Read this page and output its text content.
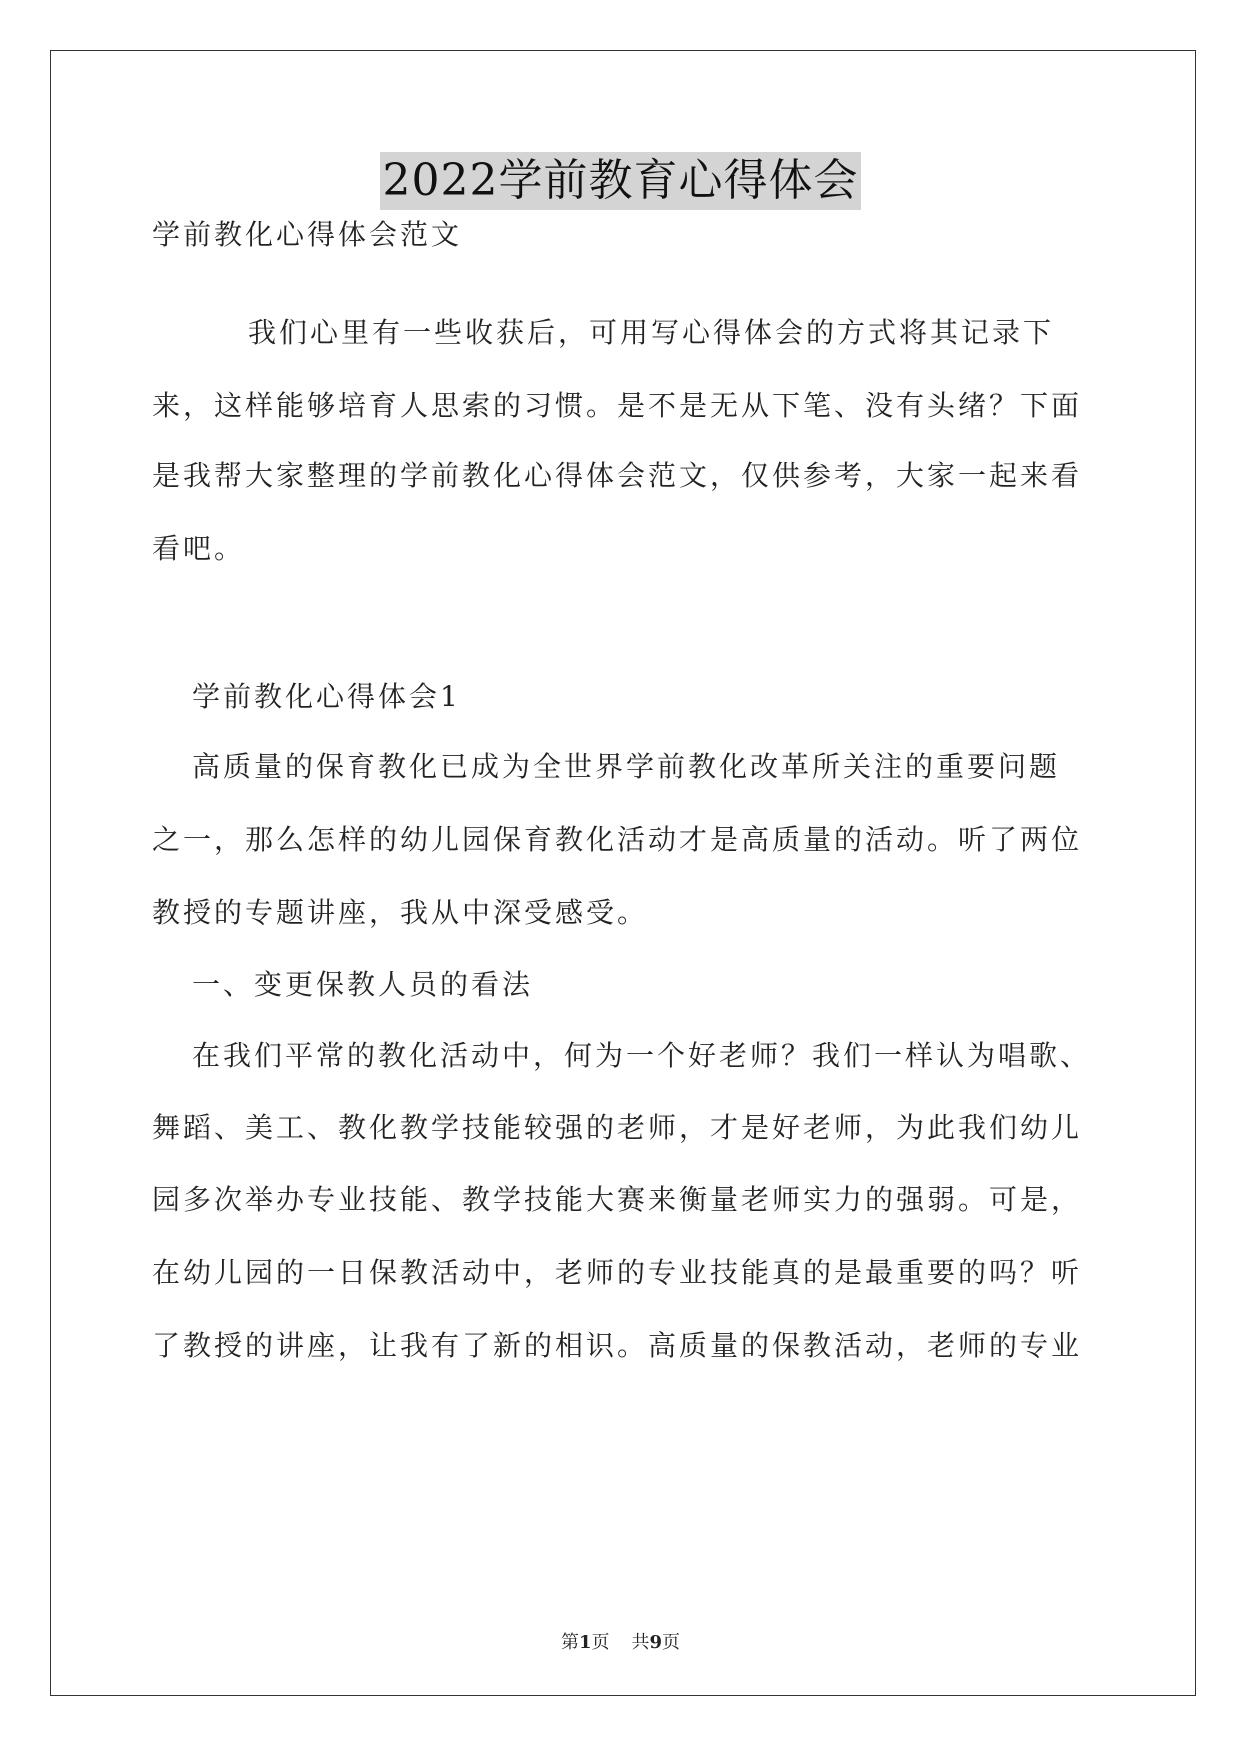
2022学前教育心得体会
学前教化心得体会范文
我们心里有一些收获后，可用写心得体会的方式将其记录下
来，这样能够培育人思索的习惯。是不是无从下笔、没有头绪？下面
是我帮大家整理的学前教化心得体会范文，仅供参考，大家一起来看
看吧。
学前教化心得体会1
高质量的保育教化已成为全世界学前教化改革所关注的重要问题
之一，那么怎样的幼儿园保育教化活动才是高质量的活动。听了两位
教授的专题讲座，我从中深受感受。
一、变更保教人员的看法
在我们平常的教化活动中，何为一个好老师？我们一样认为唱歌、
舞蹈、美工、教化教学技能较强的老师，才是好老师，为此我们幼儿
园多次举办专业技能、教学技能大赛来衡量老师实力的强弱。可是，
在幼儿园的一日保教活动中，老师的专业技能真的是最重要的吗？听
了教授的讲座，让我有了新的相识。高质量的保教活动，老师的专业
第1页 共9页
